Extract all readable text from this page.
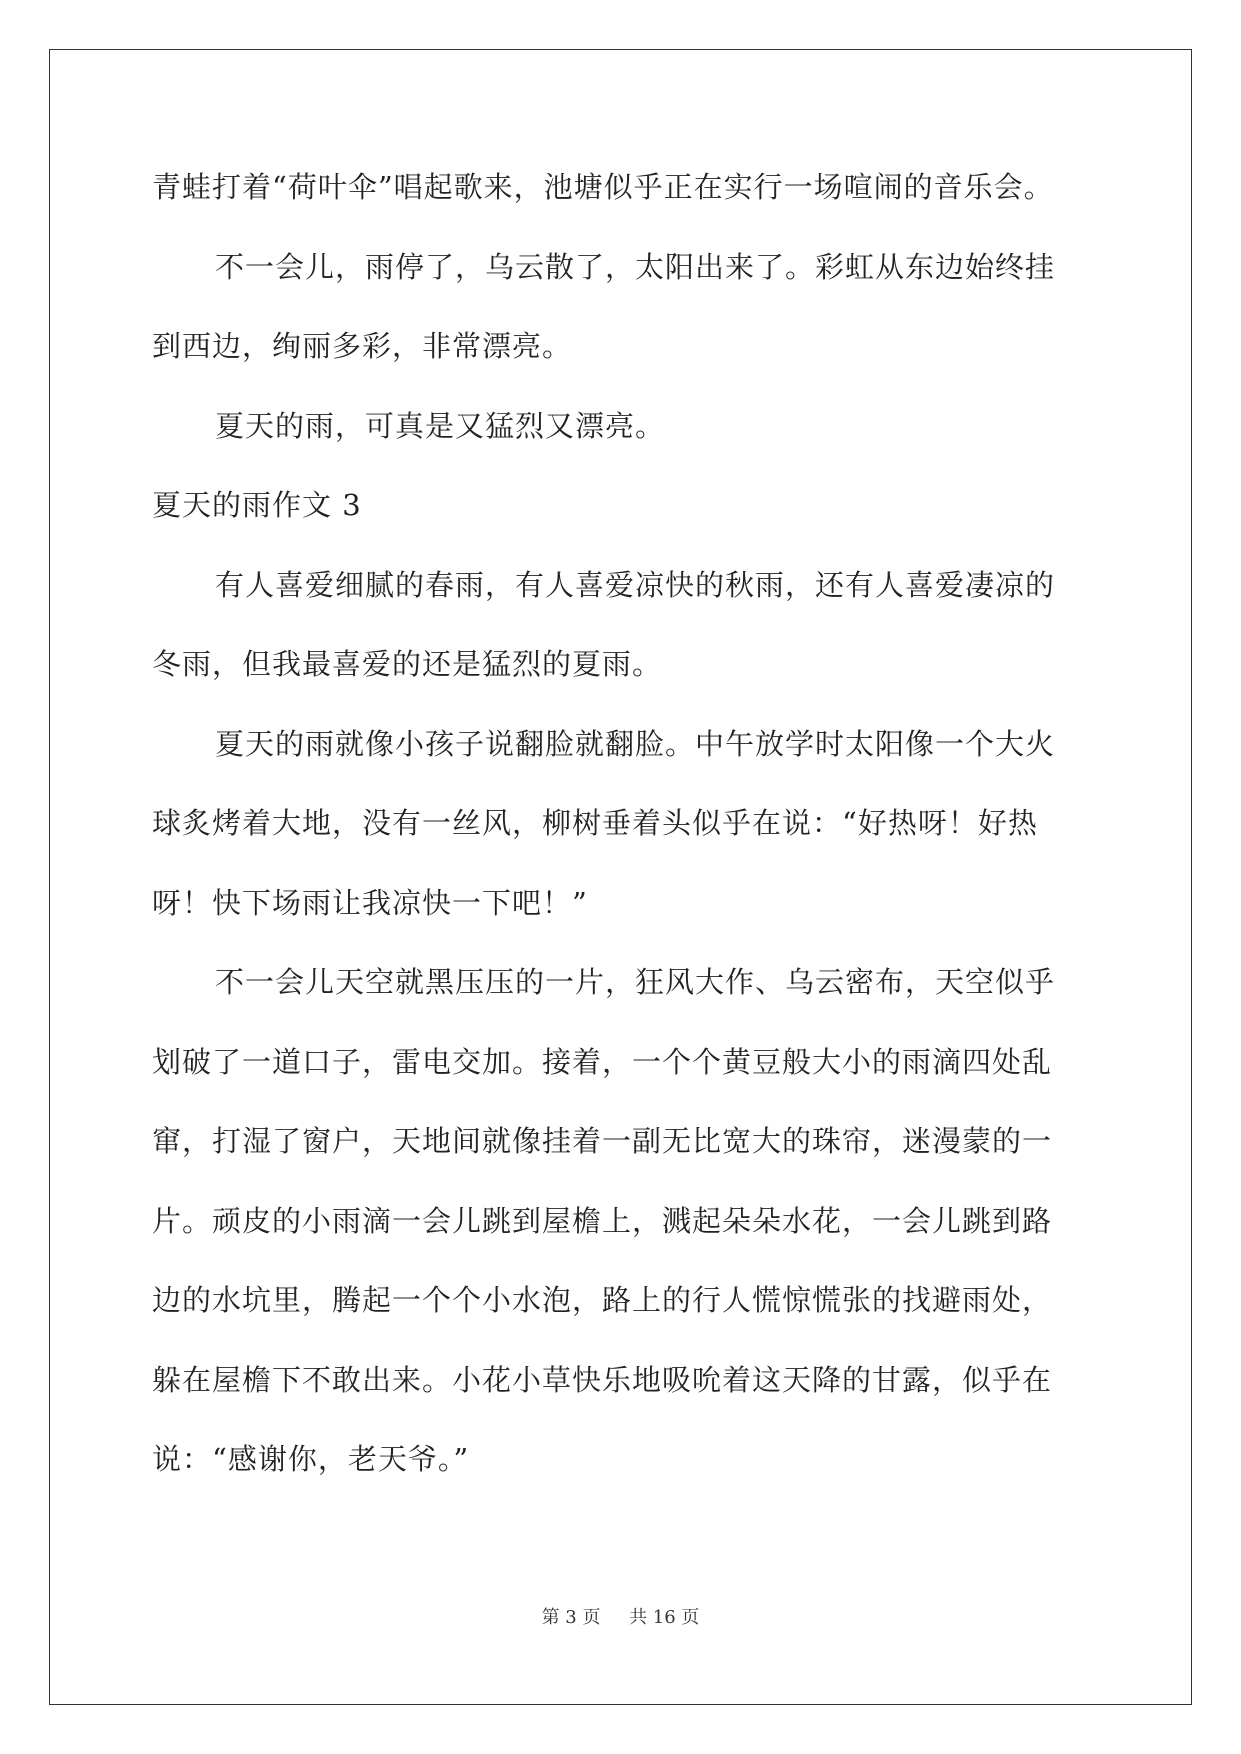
青蛙打着“荷叶伞”唱起歌来，池塘似乎正在实行一场喧闹的音乐会。
不一会儿，雨停了，乌云散了，太阳出来了。彩虹从东边始终挂
到西边，绚丽多彩，非常漂亮。
夏天的雨，可真是又猛烈又漂亮。
夏天的雨作文 3
有人喜爱细腻的春雨，有人喜爱凉快的秋雨，还有人喜爱凄凉的
冬雨，但我最喜爱的还是猛烈的夏雨。
夏天的雨就像小孩子说翻脸就翻脸。中午放学时太阳像一个大火
球炙烤着大地，没有一丝风，柳树垂着头似乎在说：“好热呀！好热
呀！快下场雨让我凉快一下吧！”
不一会儿天空就黑压压的一片，狂风大作、乌云密布，天空似乎
划破了一道口子，雷电交加。接着，一个个黄豆般大小的雨滴四处乱
窜，打湿了窗户，天地间就像挂着一副无比宽大的珠帘，迷漫蒙的一
片。顽皮的小雨滴一会儿跳到屋檐上，溅起朵朵水花，一会儿跳到路
边的水坑里，腾起一个个小水泡，路上的行人慌惊慌张的找避雨处，
躲在屋檐下不敢出来。小花小草快乐地吸吮着这天降的甘露，似乎在
说：“感谢你，老天爷。”
第 3 页 共 16 页
